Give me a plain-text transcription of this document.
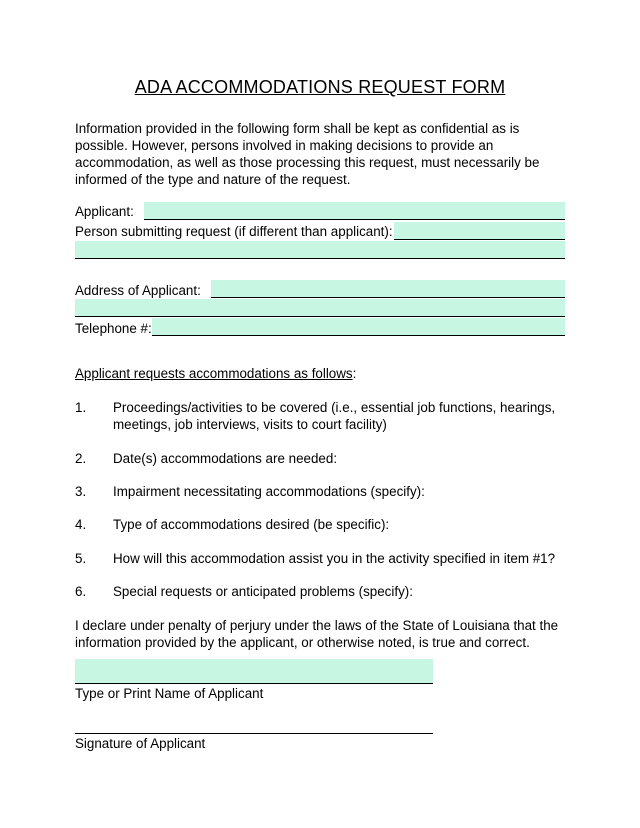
ADA ACCOMMODATIONS REQUEST FORM
Information provided in the following form shall be kept as confidential as is possible. However, persons involved in making decisions to provide an accommodation, as well as those processing this request, must necessarily be informed of the type and nature of the request.
Applicant:
Person submitting request (if different than applicant):
Address of Applicant:
Telephone #:
Applicant requests accommodations as follows:
1. Proceedings/activities to be covered (i.e., essential job functions, hearings, meetings, job interviews, visits to court facility)
2. Date(s) accommodations are needed:
3. Impairment necessitating accommodations (specify):
4. Type of accommodations desired (be specific):
5. How will this accommodation assist you in the activity specified in item #1?
6. Special requests or anticipated problems (specify):
I declare under penalty of perjury under the laws of the State of Louisiana that the information provided by the applicant, or otherwise noted, is true and correct.
Type or Print Name of Applicant
Signature of Applicant
